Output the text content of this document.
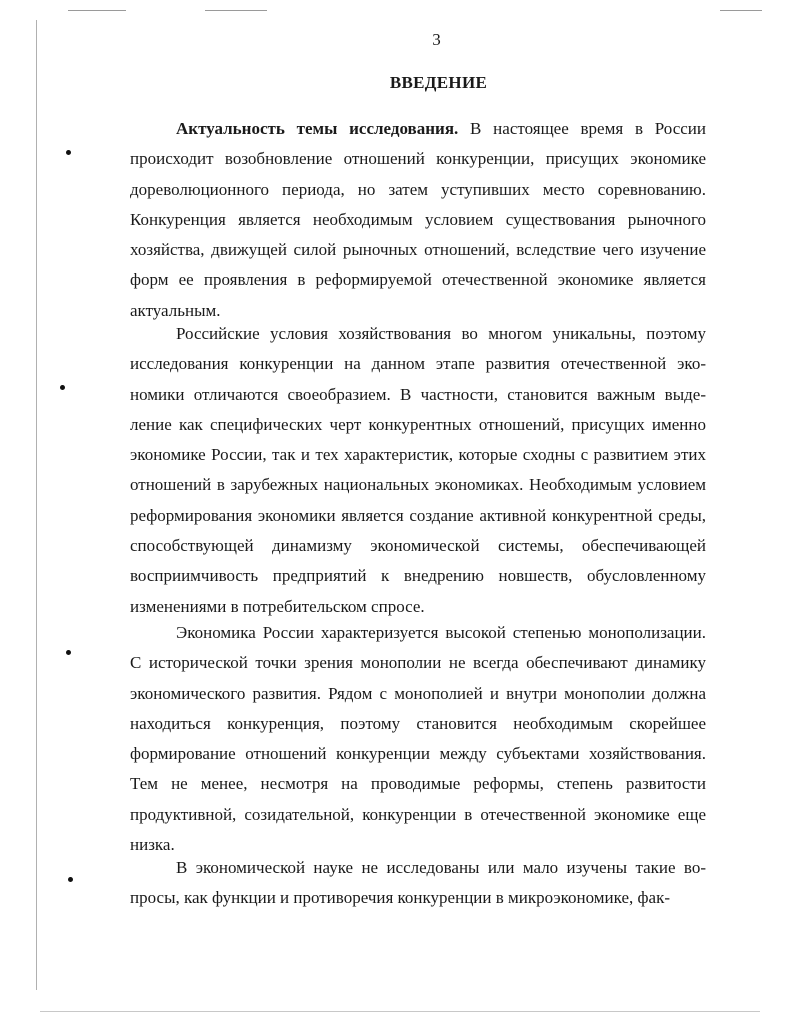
3
ВВЕДЕНИЕ

Актуальность темы исследования. В настоящее время в России происходит возобновление отношений конкуренции, присущих экономике дореволюционного периода, но затем уступивших место соревнованию. Конкуренция является необходимым условием существования рыночного хозяйства, движущей силой рыночных отношений, вследствие чего изучение форм ее проявления в реформируемой отечественной экономике является актуальным.

Российские условия хозяйствования во многом уникальны, поэтому исследования конкуренции на данном этапе развития отечественной экономики отличаются своеобразием. В частности, становится важным выделение как специфических черт конкурентных отношений, присущих именно экономике России, так и тех характеристик, которые сходны с развитием этих отношений в зарубежных национальных экономиках. Необходимым условием реформирования экономики является создание активной конкурентной среды, способствующей динамизму экономической системы, обеспечивающей восприимчивость предприятий к внедрению новшеств, обусловленному изменениями в потребительском спросе.

Экономика России характеризуется высокой степенью монополизации. С исторической точки зрения монополии не всегда обеспечивают динамику экономического развития. Рядом с монополией и внутри монополии должна находиться конкуренция, поэтому становится необходимым скорейшее формирование отношений конкуренции между субъектами хозяйствования. Тем не менее, несмотря на проводимые реформы, степень развитости продуктивной, созидательной, конкуренции в отечественной экономике еще низка.

В экономической науке не исследованы или мало изучены такие вопросы, как функции и противоречия конкуренции в микроэкономике, фак-
